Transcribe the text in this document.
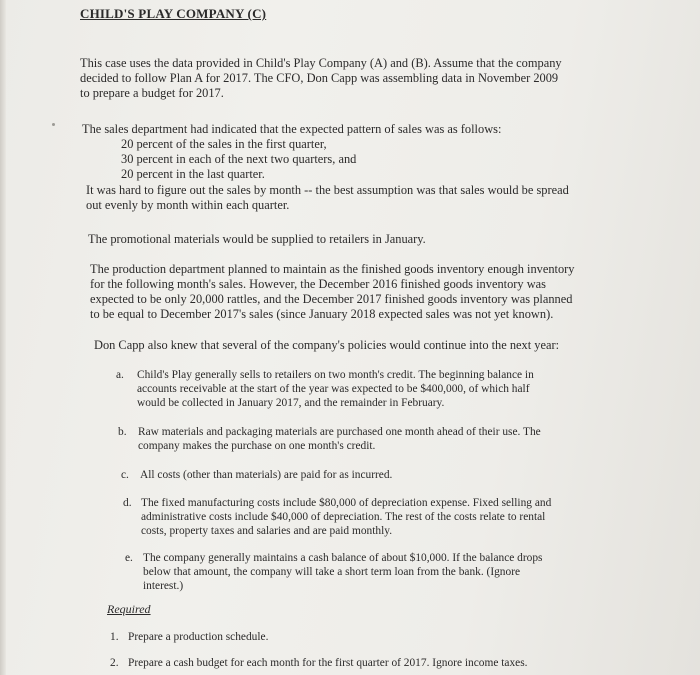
CHILD'S PLAY COMPANY (C)
This case uses the data provided in Child's Play Company (A) and (B). Assume that the company
decided to follow Plan A for 2017. The CFO, Don Capp was assembling data in November 2009
to prepare a budget for 2017.
The sales department had indicated that the expected pattern of sales was as follows:
20 percent of the sales in the first quarter,
30 percent in each of the next two quarters, and
20 percent in the last quarter.
It was hard to figure out the sales by month -- the best assumption was that sales would be spread
out evenly by month within each quarter.
The promotional materials would be supplied to retailers in January.
The production department planned to maintain as the finished goods inventory enough inventory
for the following month's sales. However, the December 2016 finished goods inventory was
expected to be only 20,000 rattles, and the December 2017 finished goods inventory was planned
to be equal to December 2017's sales (since January 2018 expected sales was not yet known).
Don Capp also knew that several of the company's policies would continue into the next year:
a. Child's Play generally sells to retailers on two month's credit. The beginning balance in
accounts receivable at the start of the year was expected to be $400,000, of which half
would be collected in January 2017, and the remainder in February.
b. Raw materials and packaging materials are purchased one month ahead of their use. The
company makes the purchase on one month's credit.
c. All costs (other than materials) are paid for as incurred.
d. The fixed manufacturing costs include $80,000 of depreciation expense. Fixed selling and
administrative costs include $40,000 of depreciation. The rest of the costs relate to rental
costs, property taxes and salaries and are paid monthly.
e. The company generally maintains a cash balance of about $10,000. If the balance drops
below that amount, the company will take a short term loan from the bank. (Ignore
interest.)
Required
1. Prepare a production schedule.
2. Prepare a cash budget for each month for the first quarter of 2017. Ignore income taxes.
